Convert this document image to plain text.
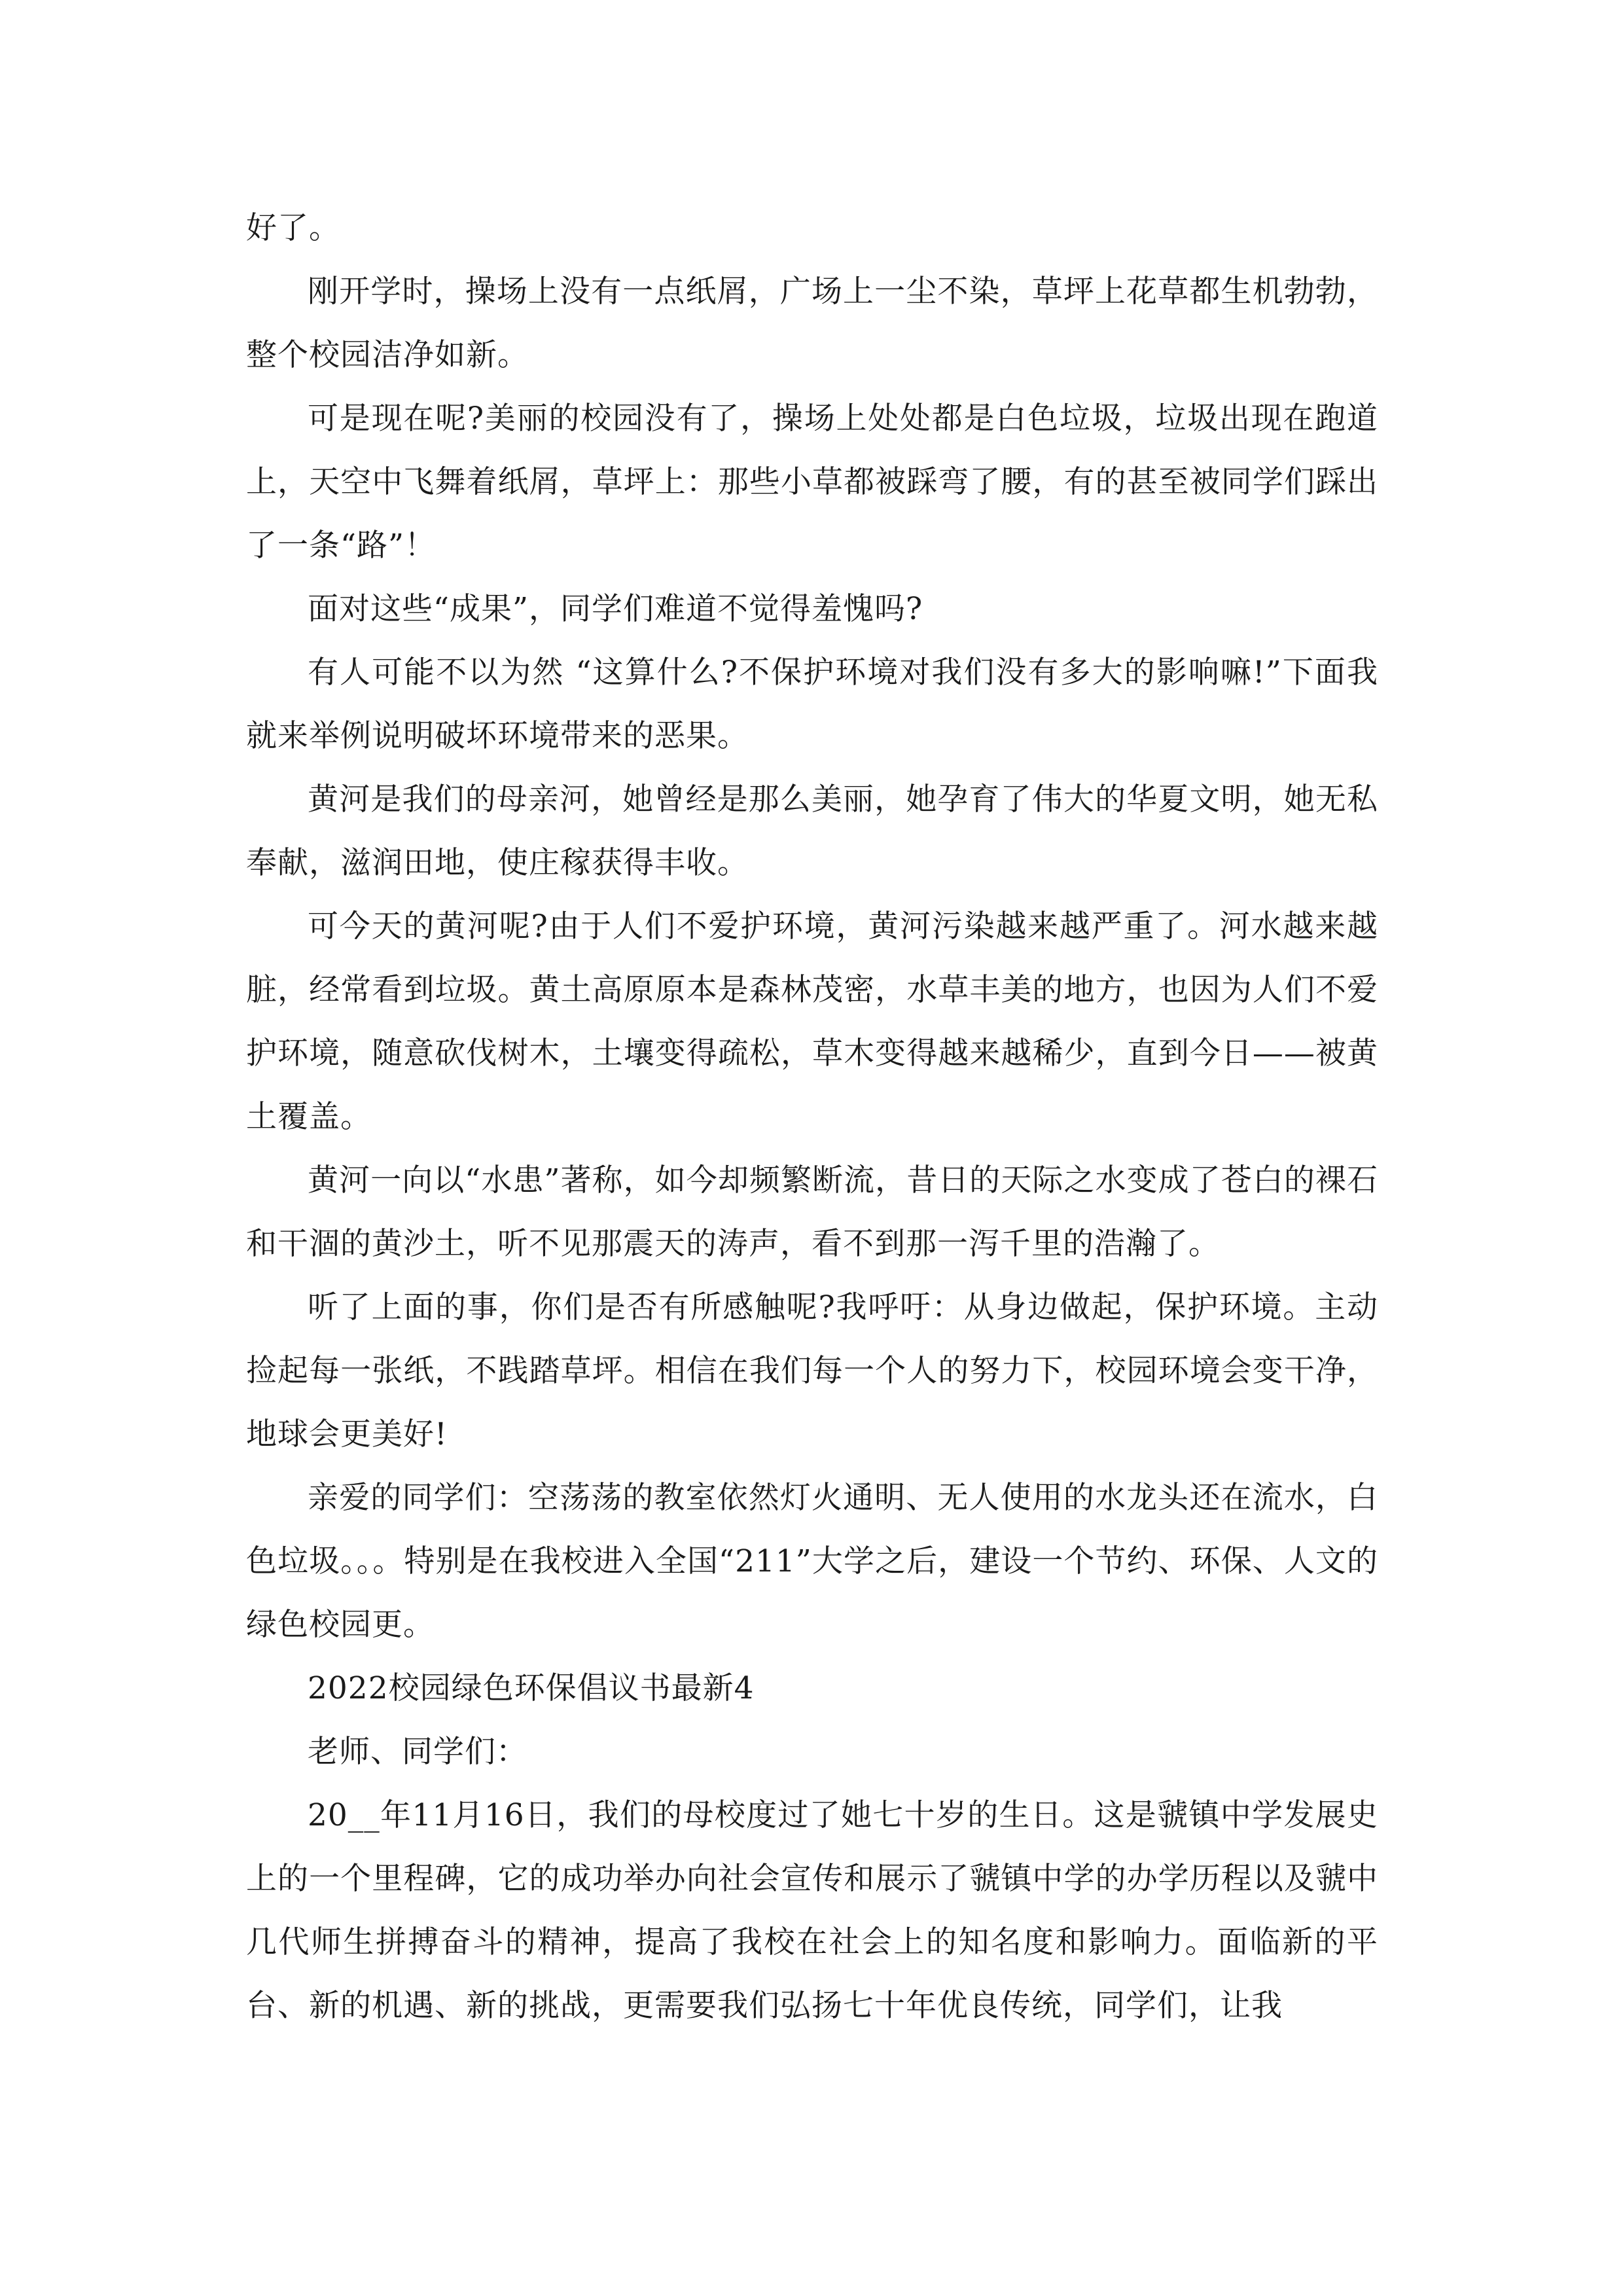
好了。

刚开学时，操场上没有一点纸屑，广场上一尘不染，草坪上花草都生机勃勃，整个校园洁净如新。

可是现在呢?美丽的校园没有了，操场上处处都是白色垃圾，垃圾出现在跑道上，天空中飞舞着纸屑，草坪上：那些小草都被踩弯了腰，有的甚至被同学们踩出了一条“路”！

面对这些“成果”，同学们难道不觉得羞愧吗?

有人可能不以为然 “这算什么?不保护环境对我们没有多大的影响嘛!”下面我就来举例说明破坏环境带来的恶果。

黄河是我们的母亲河，她曾经是那么美丽，她孕育了伟大的华夏文明，她无私奉献，滋润田地，使庄稼获得丰收。

可今天的黄河呢?由于人们不爱护环境，黄河污染越来越严重了。河水越来越脏，经常看到垃圾。黄土高原原本是森林茂密，水草丰美的地方，也因为人们不爱护环境，随意砍伐树木，土壤变得疏松，草木变得越来越稀少，直到今日——被黄土覆盖。

黄河一向以“水患”著称，如今却频繁断流，昔日的天际之水变成了苍白的裸石和干涸的黄沙土，听不见那震天的涛声，看不到那一泻千里的浩瀚了。

听了上面的事，你们是否有所感触呢?我呼吁：从身边做起，保护环境。主动捡起每一张纸，不践踏草坪。相信在我们每一个人的努力下，校园环境会变干净，地球会更美好!

亲爱的同学们：空荡荡的教室依然灯火通明、无人使用的水龙头还在流水，白色垃圾。。。特别是在我校进入全国“211”大学之后，建设一个节约、环保、人文的绿色校园更。

2022校园绿色环保倡议书最新4

老师、同学们：

20__年11月16日，我们的母校度过了她七十岁的生日。这是虢镇中学发展史上的一个里程碑，它的成功举办向社会宣传和展示了虢镇中学的办学历程以及虢中几代师生拼搏奋斗的精神，提高了我校在社会上的知名度和影响力。面临新的平台、新的机遇、新的挑战，更需要我们弘扬七十年优良传统，同学们，让我
